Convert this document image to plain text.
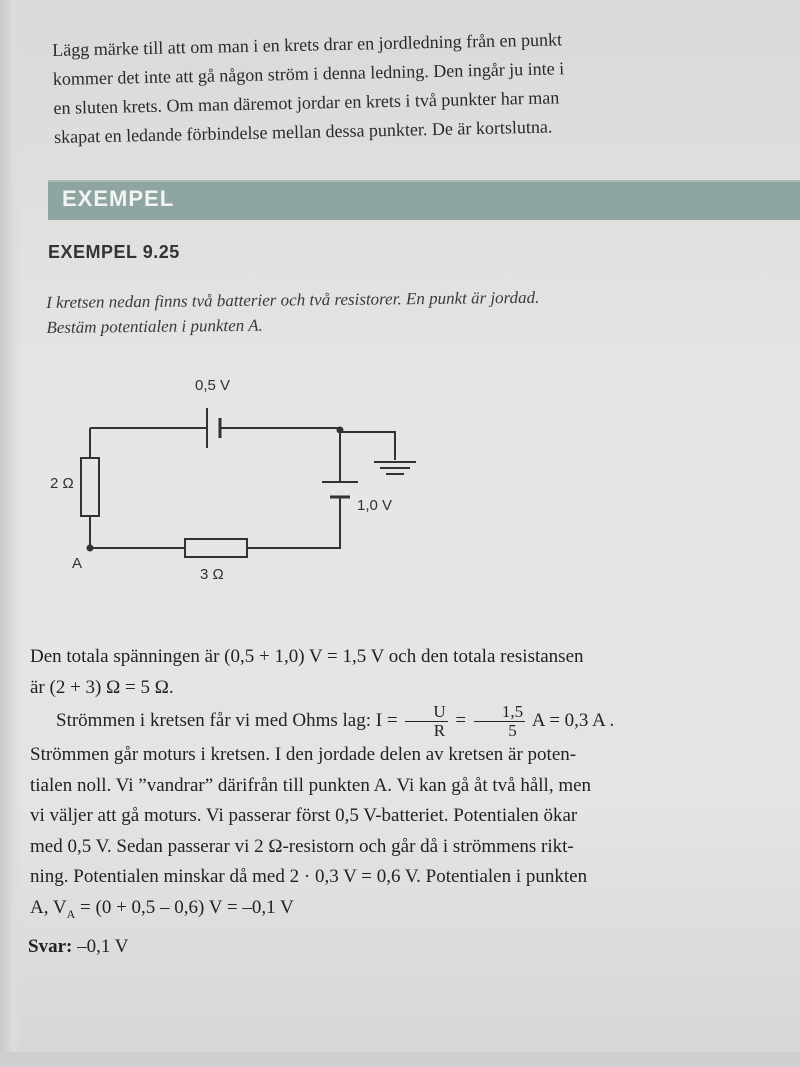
Lägg märke till att om man i en krets drar en jordledning från en punkt

kommer det inte att gå någon ström i denna ledning. Den ingår ju inte i

en sluten krets. Om man däremot jordar en krets i två punkter har man

skapat en ledande förbindelse mellan dessa punkter. De är kortslutna.

EXEMPEL
EXEMPEL 9.25

I kretsen nedan finns två batterier och två resistorer. En punkt är jordad.

Bestäm potentialen i punkten A.

0,5 V
1,0 V
2 Ω
3 Ω
A

Den totala spänningen är (0,5 + 1,0) V = 1,5 V och den totala resistansen

är (2 + 3) Ω = 5 Ω.

Strömmen i kretsen får vi med Ohms lag: $I = \frac{U}{R} = \frac{1,5}{5}$ A = 0,3 A .

Strömmen går moturs i kretsen. I den jordade delen av kretsen är poten-

tialen noll. Vi ”vandrar” därifrån till punkten A. Vi kan gå åt två håll, men

vi väljer att gå moturs. Vi passerar först 0,5 V-batteriet. Potentialen ökar

med 0,5 V. Sedan passerar vi 2 Ω-resistorn och går då i strömmens rikt-

ning. Potentialen minskar då med 2 · 0,3 V = 0,6 V. Potentialen i punkten

A, $V_A = (0 + 0,5 - 0,6) V = -0,1$ V

Svar: –0,1 V
